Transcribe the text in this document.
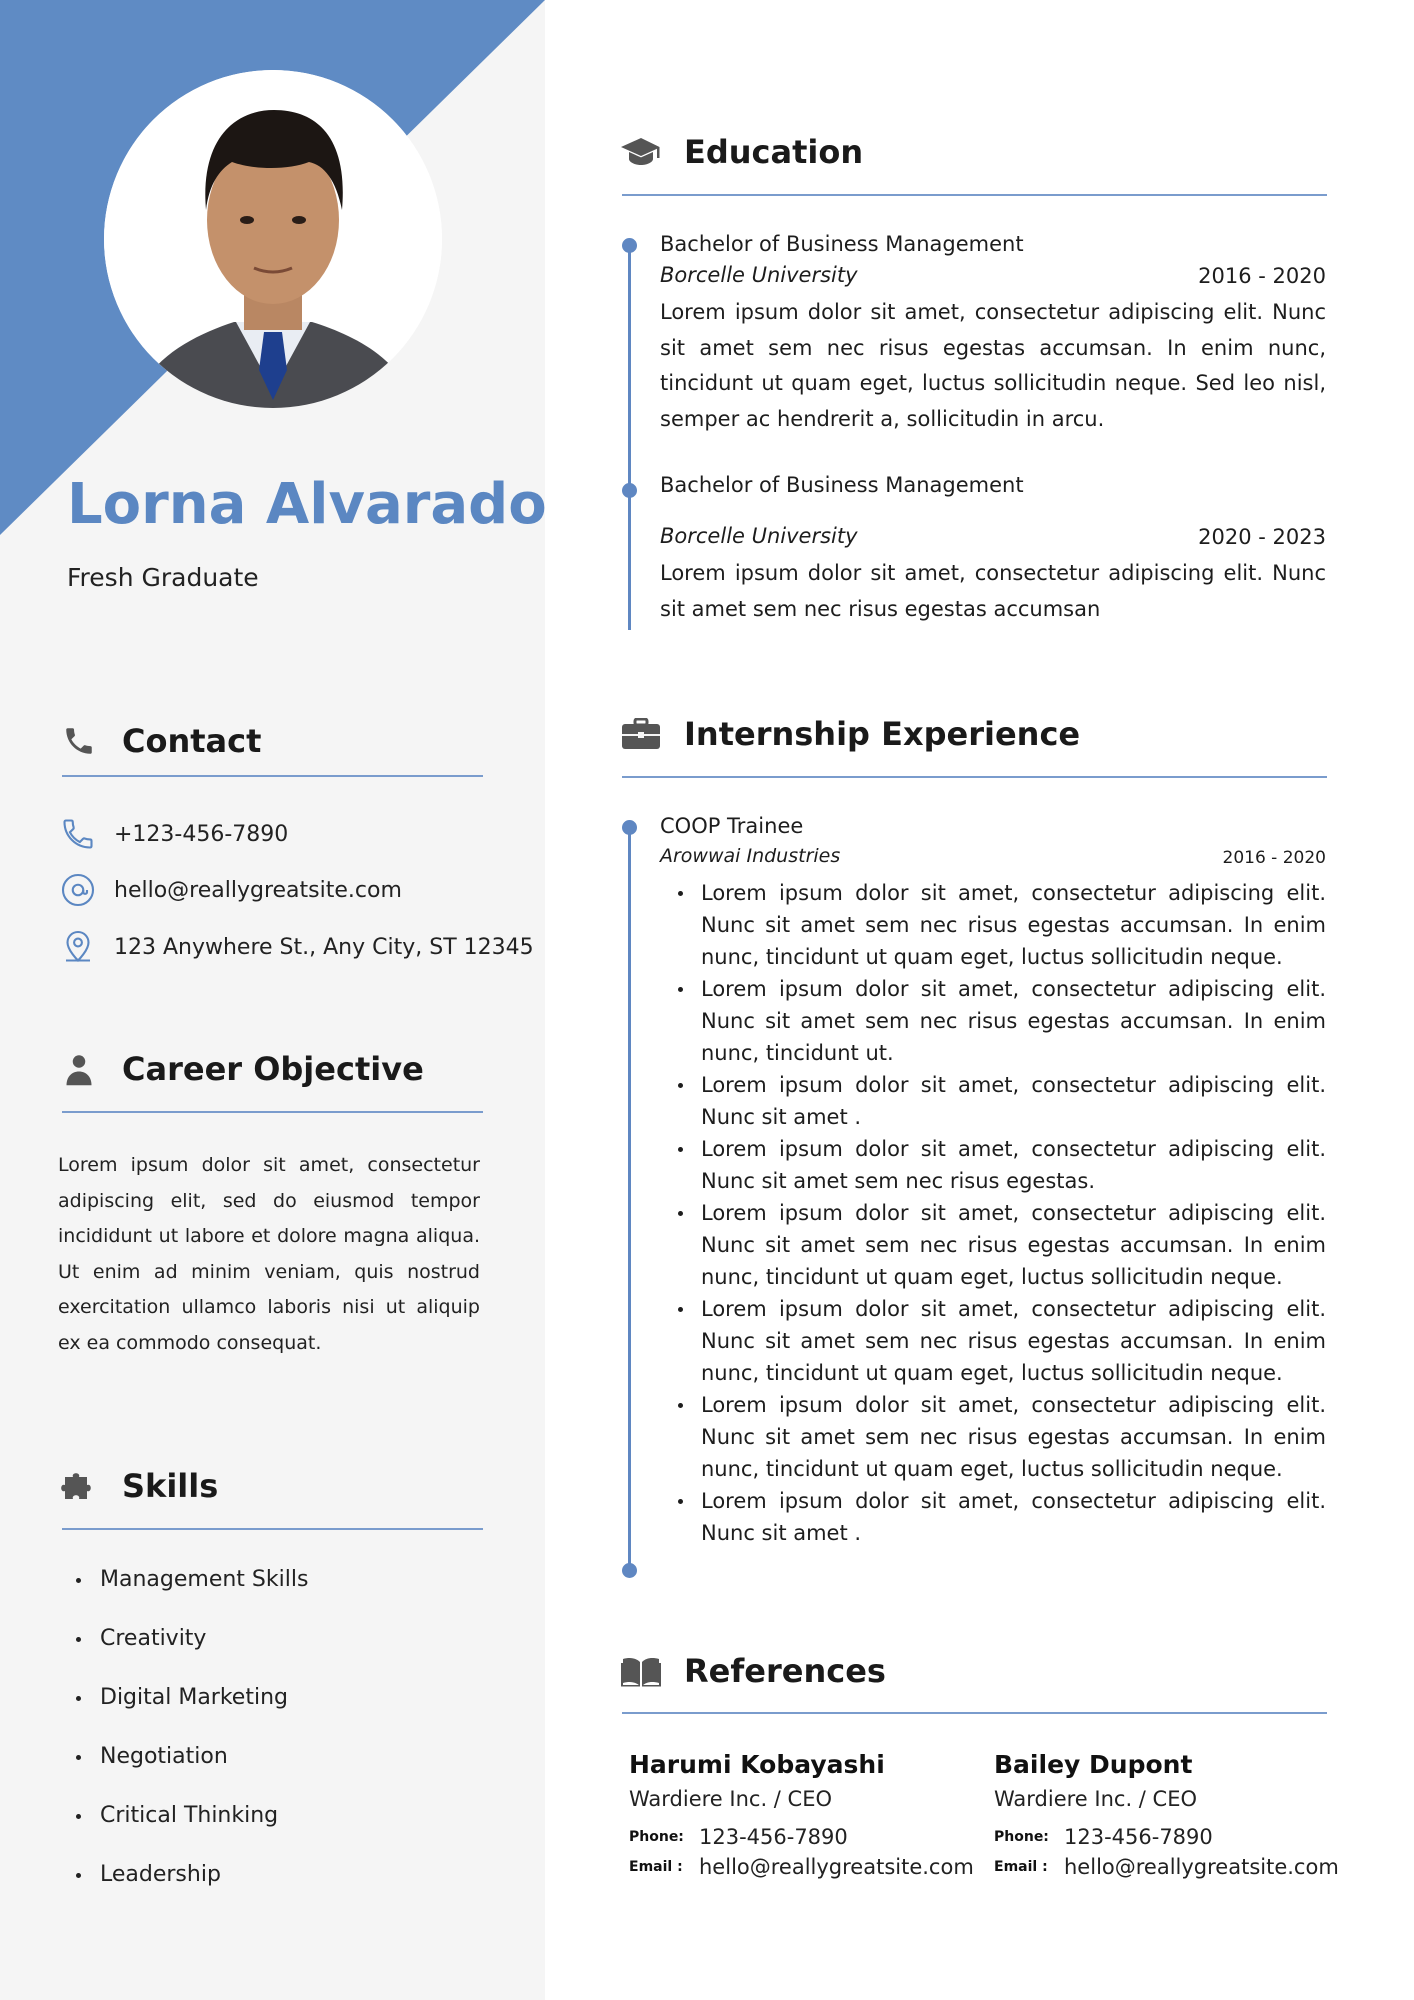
Lorna Alvarado
Fresh Graduate
Contact
+123-456-7890
hello@reallygreatsite.com
123 Anywhere St., Any City, ST 12345
Career Objective
Lorem ipsum dolor sit amet, consectetur adipiscing elit, sed do eiusmod tempor incididunt ut labore et dolore magna aliqua. Ut enim ad minim veniam, quis nostrud exercitation ullamco laboris nisi ut aliquip ex ea commodo consequat.
Skills
Management Skills
Creativity
Digital Marketing
Negotiation
Critical Thinking
Leadership
Education
Bachelor of Business Management
Borcelle University	2016 - 2020
Lorem ipsum dolor sit amet, consectetur adipiscing elit. Nunc sit amet sem nec risus egestas accumsan. In enim nunc, tincidunt ut quam eget, luctus sollicitudin neque. Sed leo nisl, semper ac hendrerit a, sollicitudin in arcu.
Bachelor of Business Management
Borcelle University	2020 - 2023
Lorem ipsum dolor sit amet, consectetur adipiscing elit. Nunc sit amet sem nec risus egestas accumsan
Internship Experience
COOP Trainee
Arowwai Industries	2016 - 2020
Lorem ipsum dolor sit amet, consectetur adipiscing elit. Nunc sit amet sem nec risus egestas accumsan. In enim nunc, tincidunt ut quam eget, luctus sollicitudin neque.
Lorem ipsum dolor sit amet, consectetur adipiscing elit. Nunc sit amet sem nec risus egestas accumsan. In enim nunc, tincidunt ut.
Lorem ipsum dolor sit amet, consectetur adipiscing elit. Nunc sit amet .
Lorem ipsum dolor sit amet, consectetur adipiscing elit. Nunc sit amet sem nec risus egestas.
Lorem ipsum dolor sit amet, consectetur adipiscing elit. Nunc sit amet sem nec risus egestas accumsan. In enim nunc, tincidunt ut quam eget, luctus sollicitudin neque.
Lorem ipsum dolor sit amet, consectetur adipiscing elit. Nunc sit amet sem nec risus egestas accumsan. In enim nunc, tincidunt ut quam eget, luctus sollicitudin neque.
Lorem ipsum dolor sit amet, consectetur adipiscing elit. Nunc sit amet sem nec risus egestas accumsan. In enim nunc, tincidunt ut quam eget, luctus sollicitudin neque.
Lorem ipsum dolor sit amet, consectetur adipiscing elit. Nunc sit amet .
References
Harumi Kobayashi
Wardiere Inc. / CEO
Phone: 123-456-7890
Email : hello@reallygreatsite.com
Bailey Dupont
Wardiere Inc. / CEO
Phone: 123-456-7890
Email : hello@reallygreatsite.com
